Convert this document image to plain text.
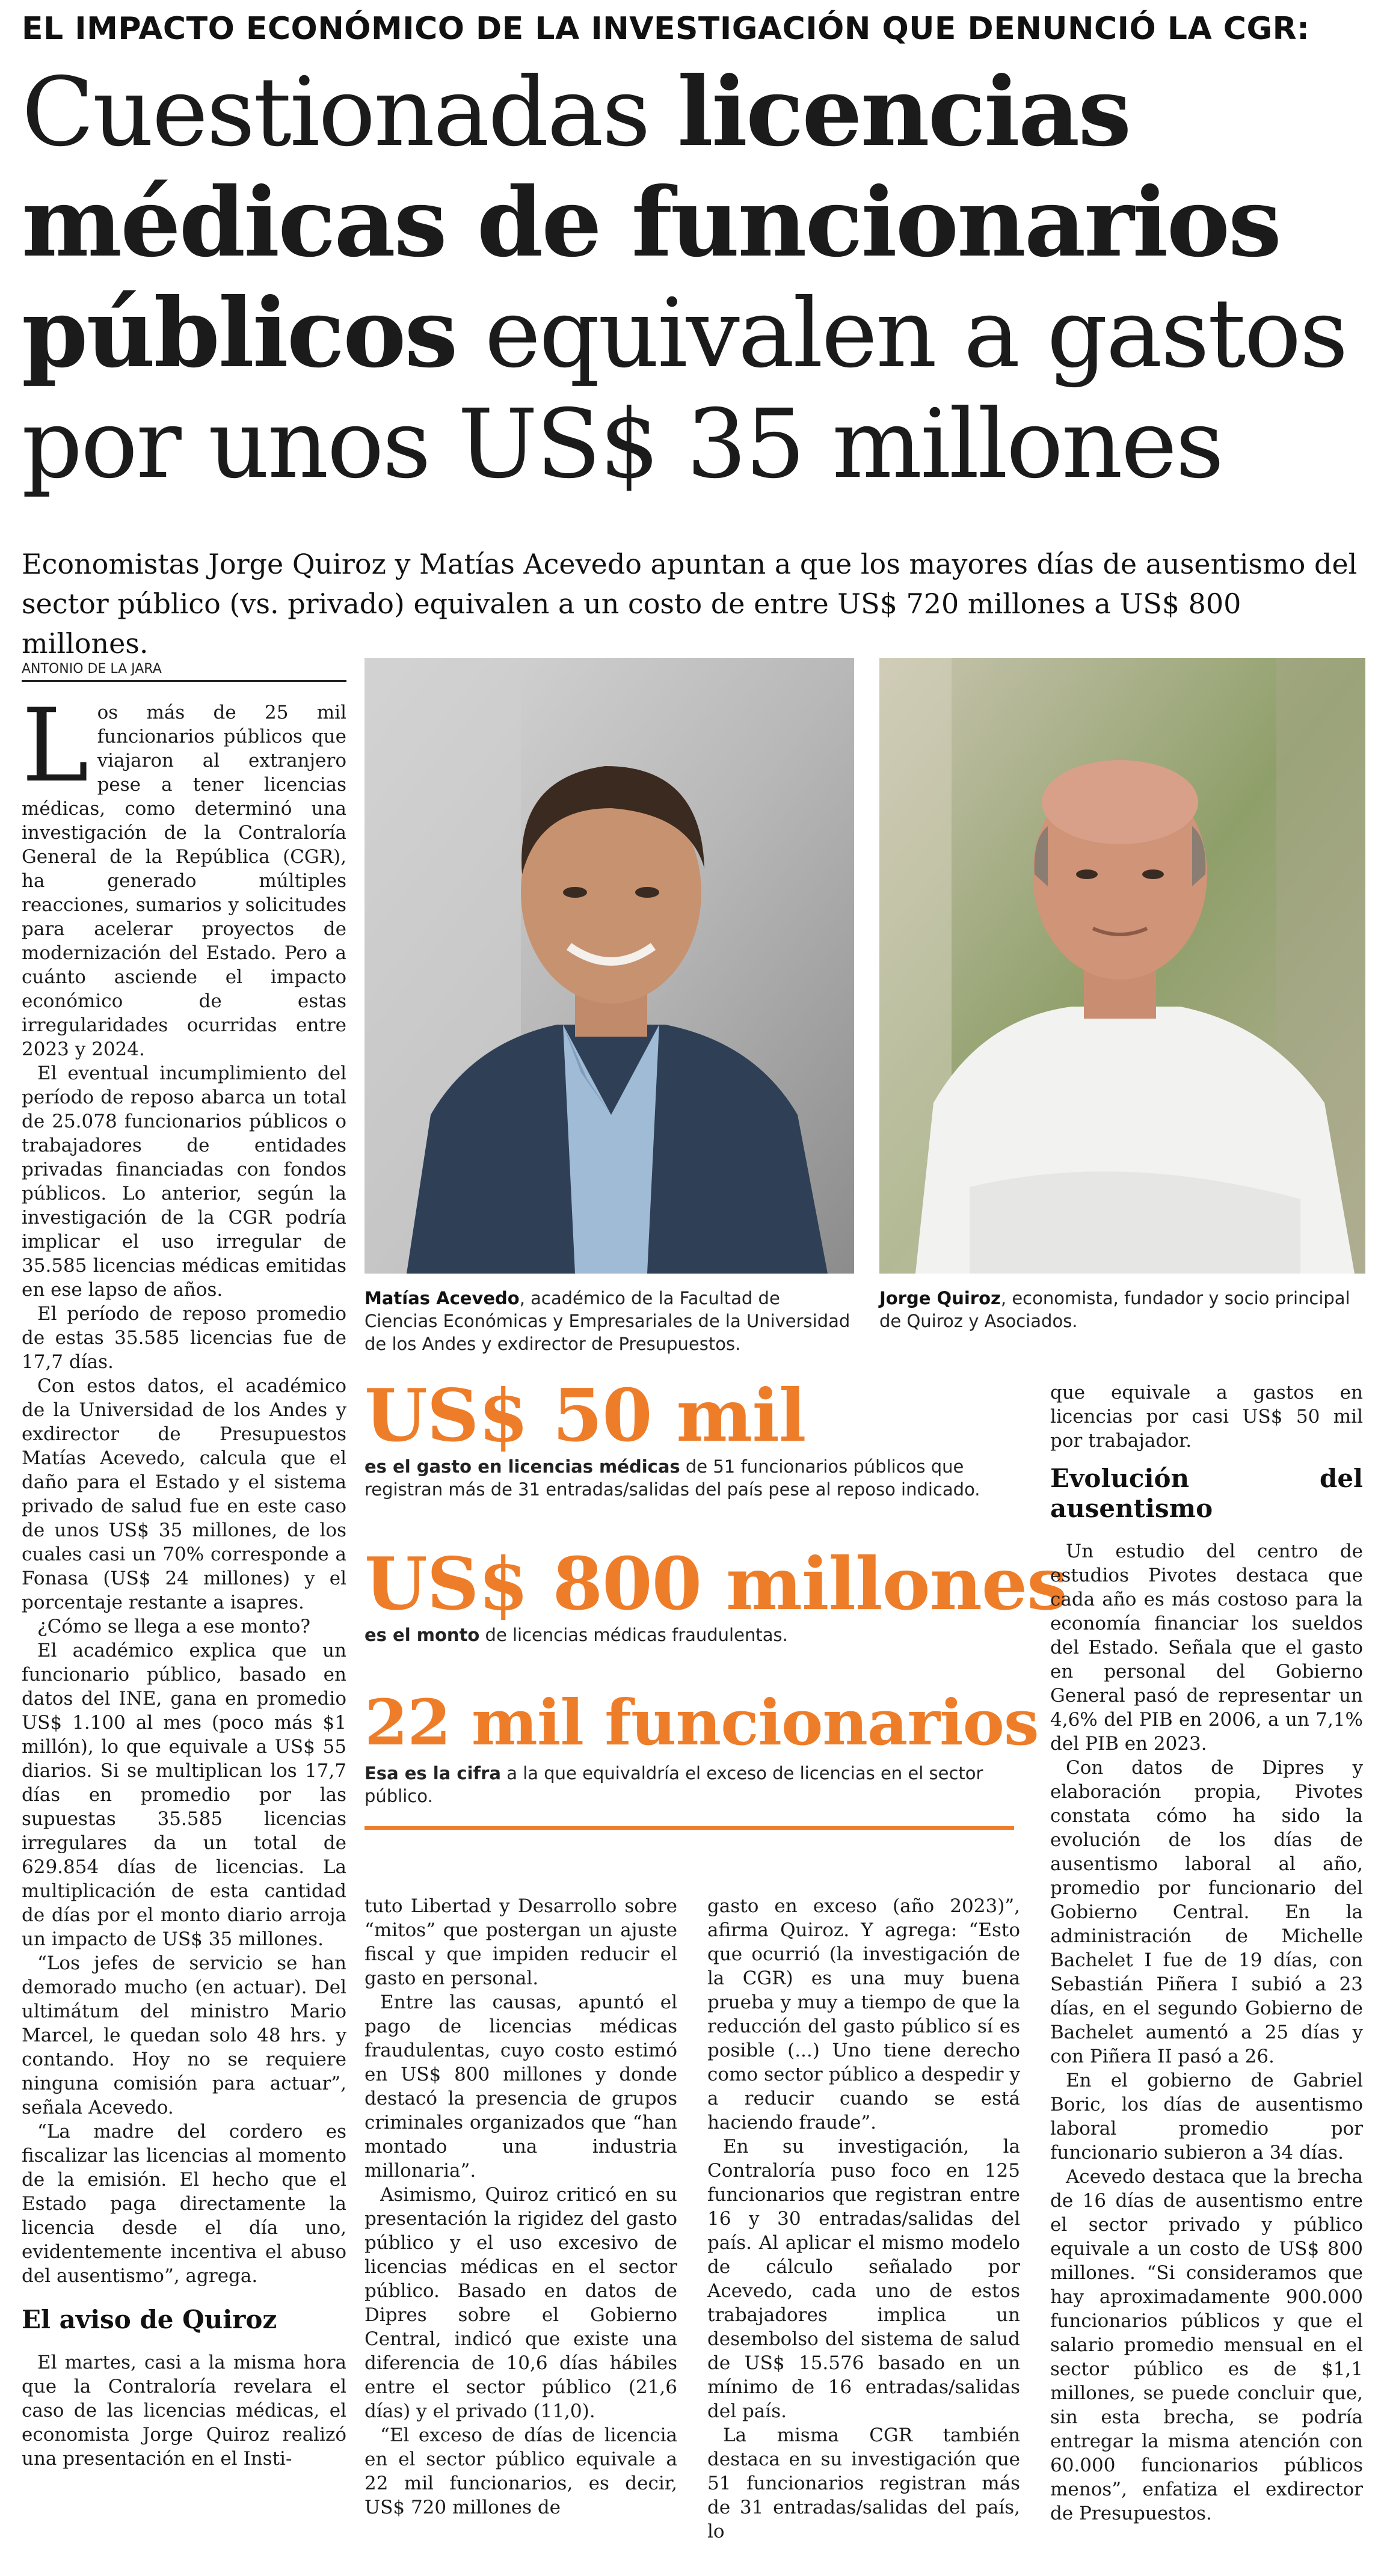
EL IMPACTO ECONÓMICO DE LA INVESTIGACIÓN QUE DENUNCIÓ LA CGR:
Cuestionadas licencias médicas de funcionarios públicos equivalen a gastos por unos US$ 35 millones
Economistas Jorge Quiroz y Matías Acevedo apuntan a que los mayores días de ausentismo del sector público (vs. privado) equivalen a un costo de entre US$ 720 millones a US$ 800 millones.
ANTONIO DE LA JARA

Los más de 25 mil funcionarios públicos que viajaron al extranjero pese a tener licencias médicas, como determinó una investigación de la Contraloría General de la República (CGR), ha generado múltiples reacciones, sumarios y solicitudes para acelerar proyectos de modernización del Estado. Pero a cuánto asciende el impacto económico de estas irregularidades ocurridas entre 2023 y 2024.

El eventual incumplimiento del período de reposo abarca un total de 25.078 funcionarios públicos o trabajadores de entidades privadas financiadas con fondos públicos. Lo anterior, según la investigación de la CGR podría implicar el uso irregular de 35.585 licencias médicas emitidas en ese lapso de años.

El período de reposo promedio de estas 35.585 licencias fue de 17,7 días.

Con estos datos, el académico de la Universidad de los Andes y exdirector de Presupuestos Matías Acevedo, calcula que el daño para el Estado y el sistema privado de salud fue en este caso de unos US$ 35 millones, de los cuales casi un 70% corresponde a Fonasa (US$ 24 millones) y el porcentaje restante a isapres.

¿Cómo se llega a ese monto?

El académico explica que un funcionario público, basado en datos del INE, gana en promedio US$ 1.100 al mes (poco más $1 millón), lo que equivale a US$ 55 diarios. Si se multiplican los 17,7 días en promedio por las supuestas 35.585 licencias irregulares da un total de 629.854 días de licencias. La multiplicación de esta cantidad de días por el monto diario arroja un impacto de US$ 35 millones.

“Los jefes de servicio se han demorado mucho (en actuar). Del ultimátum del ministro Mario Marcel, le quedan solo 48 hrs. y contando. Hoy no se requiere ninguna comisión para actuar”, señala Acevedo.

“La madre del cordero es fiscalizar las licencias al momento de la emisión. El hecho que el Estado paga directamente la licencia desde el día uno, evidentemente incentiva el abuso del ausentismo”, agrega.

El aviso de Quiroz

El martes, casi a la misma hora que la Contraloría revelara el caso de las licencias médicas, el economista Jorge Quiroz realizó una presentación en el Insti-

Matías Acevedo, académico de la Facultad de Ciencias Económicas y Empresariales de la Universidad de los Andes y exdirector de Presupuestos.
Jorge Quiroz, economista, fundador y socio principal de Quiroz y Asociados.
US$ 50 mil
es el gasto en licencias médicas de 51 funcionarios públicos que registran más de 31 entradas/salidas del país pese al reposo indicado.
US$ 800 millones
es el monto de licencias médicas fraudulentas.
22 mil funcionarios
Esa es la cifra a la que equivaldría el exceso de licencias en el sector público.

tuto Libertad y Desarrollo sobre “mitos” que postergan un ajuste fiscal y que impiden reducir el gasto en personal.

Entre las causas, apuntó el pago de licencias médicas fraudulentas, cuyo costo estimó en US$ 800 millones y donde destacó la presencia de grupos criminales organizados que “han montado una industria millonaria”.

Asimismo, Quiroz criticó en su presentación la rigidez del gasto público y el uso excesivo de licencias médicas en el sector público. Basado en datos de Dipres sobre el Gobierno Central, indicó que existe una diferencia de 10,6 días hábiles entre el sector público (21,6 días) y el privado (11,0).

“El exceso de días de licencia en el sector público equivale a 22 mil funcionarios, es decir, US$ 720 millones de

gasto en exceso (año 2023)”, afirma Quiroz. Y agrega: “Esto que ocurrió (la investigación de la CGR) es una muy buena prueba y muy a tiempo de que la reducción del gasto público sí es posible (...) Uno tiene derecho como sector público a despedir y a reducir cuando se está haciendo fraude”.

En su investigación, la Contraloría puso foco en 125 funcionarios que registran entre 16 y 30 entradas/salidas del país. Al aplicar el mismo modelo de cálculo señalado por Acevedo, cada uno de estos trabajadores implica un desembolso del sistema de salud de US$ 15.576 basado en un mínimo de 16 entradas/salidas del país.

La misma CGR también destaca en su investigación que 51 funcionarios registran más de 31 entradas/salidas del país, lo

que equivale a gastos en licencias por casi US$ 50 mil por trabajador.

Evolución del ausentismo

Un estudio del centro de estudios Pivotes destaca que cada año es más costoso para la economía financiar los sueldos del Estado. Señala que el gasto en personal del Gobierno General pasó de representar un 4,6% del PIB en 2006, a un 7,1% del PIB en 2023.

Con datos de Dipres y elaboración propia, Pivotes constata cómo ha sido la evolución de los días de ausentismo laboral al año, promedio por funcionario del Gobierno Central. En la administración de Michelle Bachelet I fue de 19 días, con Sebastián Piñera I subió a 23 días, en el segundo Gobierno de Bachelet aumentó a 25 días y con Piñera II pasó a 26.

En el gobierno de Gabriel Boric, los días de ausentismo laboral promedio por funcionario subieron a 34 días.

Acevedo destaca que la brecha de 16 días de ausentismo entre el sector privado y público equivale a un costo de US$ 800 millones. “Si consideramos que hay aproximadamente 900.000 funcionarios públicos y que el salario promedio mensual en el sector público es de $1,1 millones, se puede concluir que, sin esta brecha, se podría entregar la misma atención con 60.000 funcionarios públicos menos”, enfatiza el exdirector de Presupuestos.
